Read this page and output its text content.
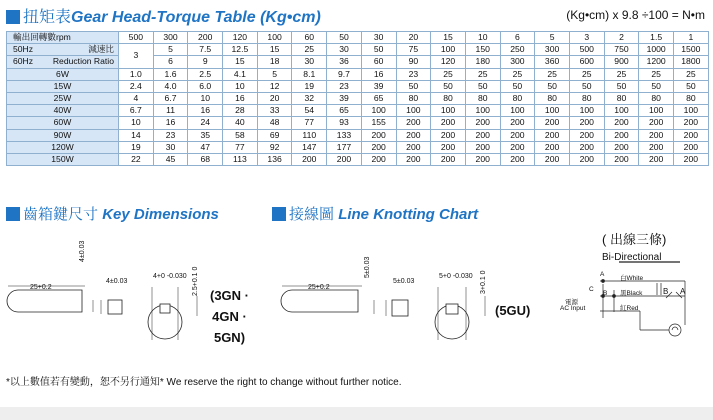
扭矩表Gear Head-Torque Table (Kg•cm)	(Kg•cm) x 9.8 ÷100 = N•m
輸出回轉數rpm	500	300	200	120	100	60	50	30	20	15	10	6	5	3	2	1.5	1

50Hz 減速比	3	5	7.5	12.5	15	25	30	50	75	100	150	250	300	500	750	1000	1500

60Hz Reduction Ratio		6	9	15	18	30	36	60	90	120	180	300	360	600	900	1200	1800
6W	1.0	1.6	2.5	4.1	5	8.1	9.7	16	23	25	25	25	25	25	25	25	25
15W	2.4	4.0	6.0	10	12	19	23	39	50	50	50	50	50	50	50	50	50
25W	4	6.7	10	16	20	32	39	65	80	80	80	80	80	80	80	80	80
40W	6.7	11	16	28	33	54	65	100	100	100	100	100	100	100	100	100	100
60W	10	16	24	40	48	77	93	155	200	200	200	200	200	200	200	200	200
90W	14	23	35	58	69	110	133	200	200	200	200	200	200	200	200	200	200
120W	19	30	47	77	92	147	177	200	200	200	200	200	200	200	200	200	200
150W	22	45	68	113	136	200	200	200	200	200	200	200	200	200	200	200	200
齒箱鍵尺寸 Key Dimensions	接線圖 Line Knotting Chart
25+0.2
4±0.03
4±0.03
4+0 -0.030 2.5+0.1 0	25+0.2
5±0.03
5±0.03
5+0 -0.030 3+0.1 0
(3GN ·
4GN ·
5GN)
(5GU)
( 出線三條)
Bi-Directional
A
B
C
白White
黑Black
紅Red
電源
AC Input
B A
*以上數值若有變動，恕不另行通知* We reserve the right to change without further notice.
